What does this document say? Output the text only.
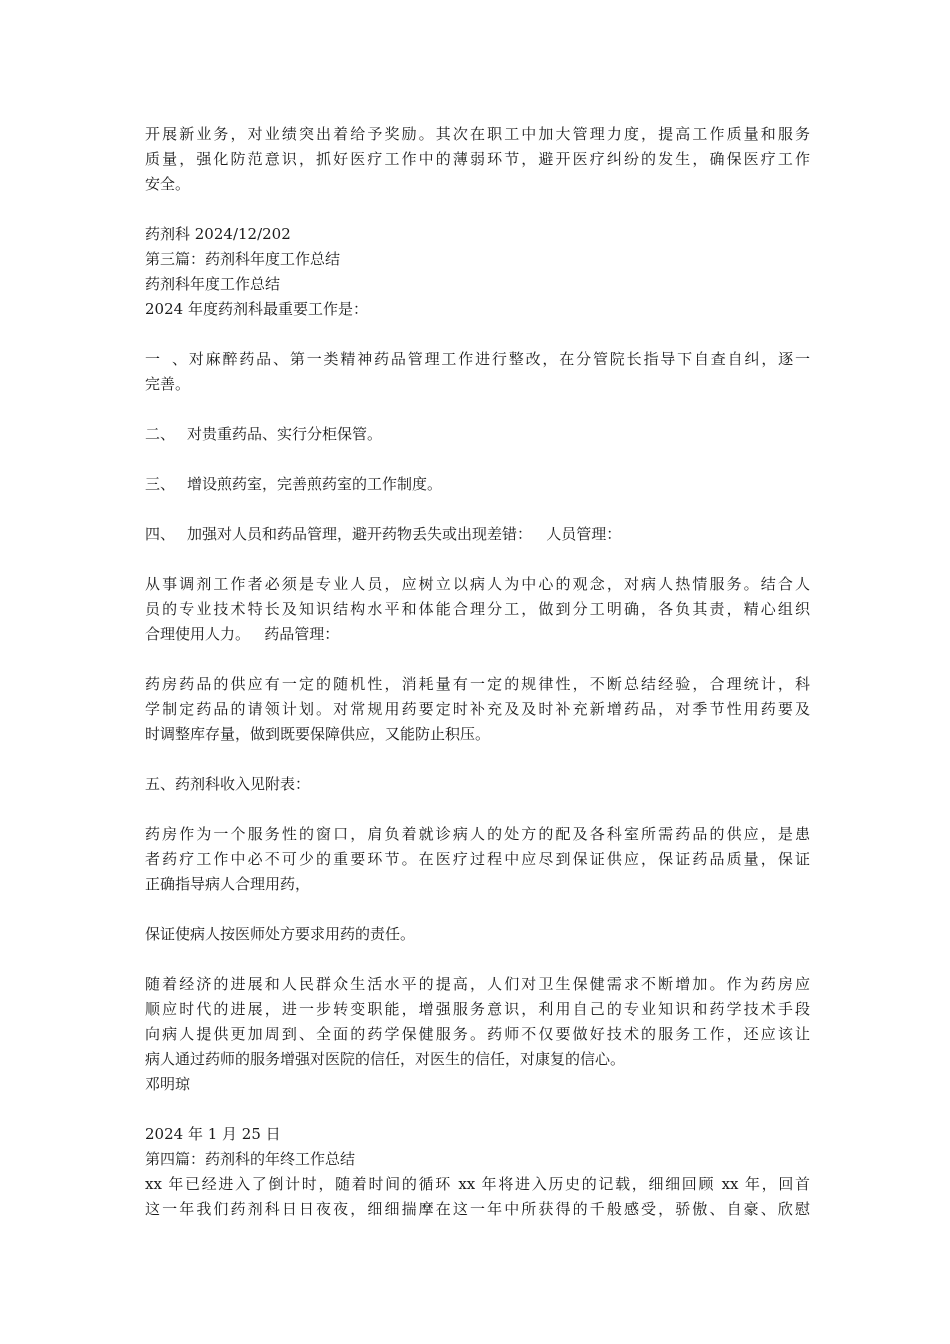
开展新业务，对业绩突出着给予奖励。其次在职工中加大管理力度，提高工作质量和服务
质量，强化防范意识，抓好医疗工作中的薄弱环节，避开医疗纠纷的发生，确保医疗工作
安全。
药剂科 2024/12/202
第三篇：药剂科年度工作总结
药剂科年度工作总结
2024 年度药剂科最重要工作是：
一、对麻醉药品、第一类精神药品管理工作进行整改，在分管院长指导下自查自纠，逐一
完善。
二、 对贵重药品、实行分柜保管。
三、 增设煎药室，完善煎药室的工作制度。
四、 加强对人员和药品管理，避开药物丢失或出现差错：   人员管理：
从事调剂工作者必须是专业人员，应树立以病人为中心的观念，对病人热情服务。结合人
员的专业技术特长及知识结构水平和体能合理分工，做到分工明确，各负其责，精心组织
合理使用人力。   药品管理：
药房药品的供应有一定的随机性，消耗量有一定的规律性，不断总结经验，合理统计，科
学制定药品的请领计划。对常规用药要定时补充及及时补充新增药品，对季节性用药要及
时调整库存量，做到既要保障供应，又能防止积压。
五、药剂科收入见附表：
药房作为一个服务性的窗口，肩负着就诊病人的处方的配及各科室所需药品的供应，是患
者药疗工作中必不可少的重要环节。在医疗过程中应尽到保证供应，保证药品质量，保证
正确指导病人合理用药，
保证使病人按医师处方要求用药的责任。
随着经济的进展和人民群众生活水平的提高，人们对卫生保健需求不断增加。作为药房应
顺应时代的进展，进一步转变职能，增强服务意识，利用自己的专业知识和药学技术手段
向病人提供更加周到、全面的药学保健服务。药师不仅要做好技术的服务工作，还应该让
病人通过药师的服务增强对医院的信任，对医生的信任，对康复的信心。
邓明琼
2024 年 1 月 25 日
第四篇：药剂科的年终工作总结
xx 年已经进入了倒计时，随着时间的循环 xx 年将进入历史的记载，细细回顾 xx 年，回首
这一年我们药剂科日日夜夜，细细揣摩在这一年中所获得的千般感受，骄傲、自豪、欣慰
